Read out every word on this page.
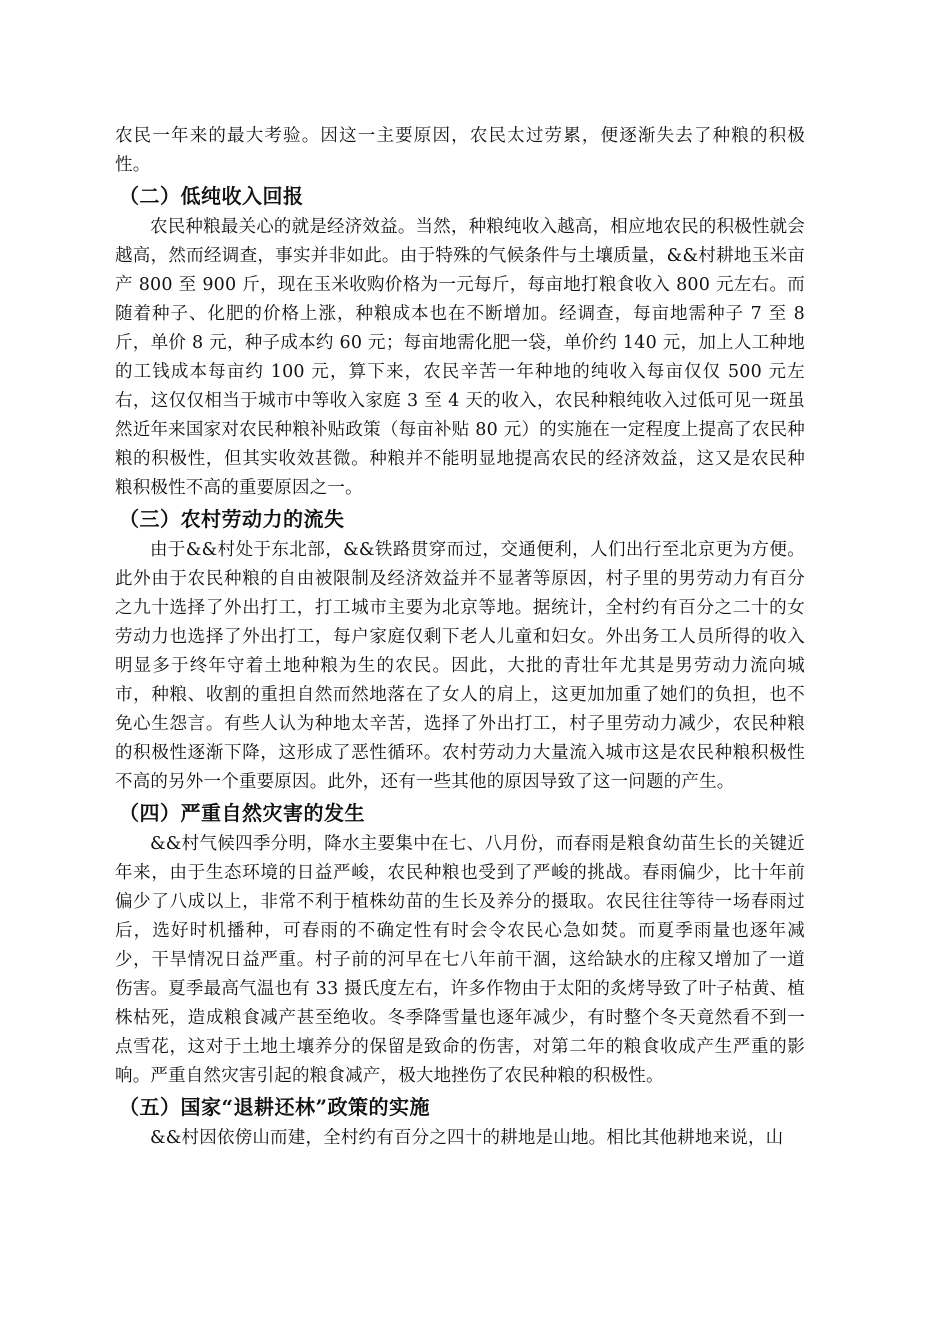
农民一年来的最大考验。因这一主要原因，农民太过劳累，便逐渐失去了种粮的积极性。

（二）低纯收入回报

农民种粮最关心的就是经济效益。当然，种粮纯收入越高，相应地农民的积极性就会越高，然而经调查，事实并非如此。由于特殊的气候条件与土壤质量，&&村耕地玉米亩产 800 至 900 斤，现在玉米收购价格为一元每斤，每亩地打粮食收入 800 元左右。而随着种子、化肥的价格上涨，种粮成本也在不断增加。经调查，每亩地需种子 7 至 8 斤，单价 8 元，种子成本约 60 元；每亩地需化肥一袋，单价约 140 元，加上人工种地的工钱成本每亩约 100 元，算下来，农民辛苦一年种地的纯收入每亩仅仅 500 元左右，这仅仅相当于城市中等收入家庭 3 至 4 天的收入，农民种粮纯收入过低可见一斑虽然近年来国家对农民种粮补贴政策（每亩补贴 80 元）的实施在一定程度上提高了农民种粮的积极性，但其实收效甚微。种粮并不能明显地提高农民的经济效益，这又是农民种粮积极性不高的重要原因之一。

（三）农村劳动力的流失

由于&&村处于东北部，&&铁路贯穿而过，交通便利，人们出行至北京更为方便。此外由于农民种粮的自由被限制及经济效益并不显著等原因，村子里的男劳动力有百分之九十选择了外出打工，打工城市主要为北京等地。据统计，全村约有百分之二十的女劳动力也选择了外出打工，每户家庭仅剩下老人儿童和妇女。外出务工人员所得的收入明显多于终年守着土地种粮为生的农民。因此，大批的青壮年尤其是男劳动力流向城市，种粮、收割的重担自然而然地落在了女人的肩上，这更加加重了她们的负担，也不免心生怨言。有些人认为种地太辛苦，选择了外出打工，村子里劳动力减少，农民种粮的积极性逐渐下降，这形成了恶性循环。农村劳动力大量流入城市这是农民种粮积极性不高的另外一个重要原因。此外，还有一些其他的原因导致了这一问题的产生。

（四）严重自然灾害的发生

&&村气候四季分明，降水主要集中在七、八月份，而春雨是粮食幼苗生长的关键近年来，由于生态环境的日益严峻，农民种粮也受到了严峻的挑战。春雨偏少，比十年前偏少了八成以上，非常不利于植株幼苗的生长及养分的摄取。农民往往等待一场春雨过后，选好时机播种，可春雨的不确定性有时会令农民心急如焚。而夏季雨量也逐年减少，干旱情况日益严重。村子前的河早在七八年前干涸，这给缺水的庄稼又增加了一道伤害。夏季最高气温也有 33 摄氏度左右，许多作物由于太阳的炙烤导致了叶子枯黄、植株枯死，造成粮食减产甚至绝收。冬季降雪量也逐年减少，有时整个冬天竟然看不到一点雪花，这对于土地土壤养分的保留是致命的伤害，对第二年的粮食收成产生严重的影响。严重自然灾害引起的粮食减产，极大地挫伤了农民种粮的积极性。

（五）国家“退耕还林”政策的实施

&&村因依傍山而建，全村约有百分之四十的耕地是山地。相比其他耕地来说，山
